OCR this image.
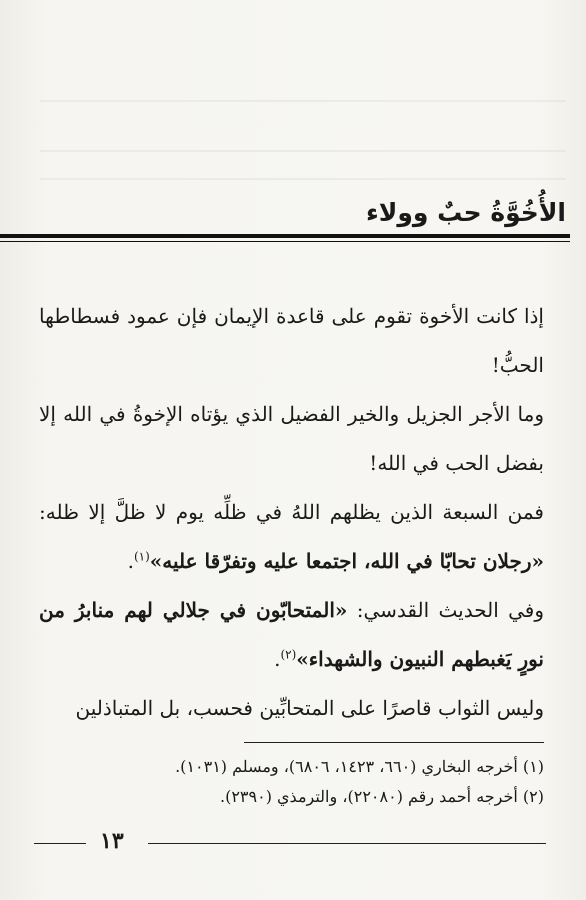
الأُخُوَّةُ حبٌ وولاء

إذا كانت الأخوة تقوم على قاعدة الإيمان فإن عمود فسطاطها الحبُّ!

وما الأجر الجزيل والخير الفضيل الذي يؤتاه الإخوةُ في الله إلا بفضل الحب في الله!

فمن السبعة الذين يظلهم اللهُ في ظلِّه يوم لا ظلَّ إلا ظله: «رجلان تحابّا في الله، اجتمعا عليه وتفرّقا عليه»$^{(١)}$.

وفي الحديث القدسي: «المتحابّون في جلالي لهم منابرُ من نورٍ يَغبطهم النبيون والشهداء»$^{(٢)}$.

وليس الثواب قاصرًا على المتحابِّين فحسب، بل المتباذلين

(١) أخرجه البخاري (٦٦٠، ١٤٢٣، ٦٨٠٦)، ومسلم (١٠٣١).

(٢) أخرجه أحمد رقم (٢٢٠٨٠)، والترمذي (٢٣٩٠).

١٣
